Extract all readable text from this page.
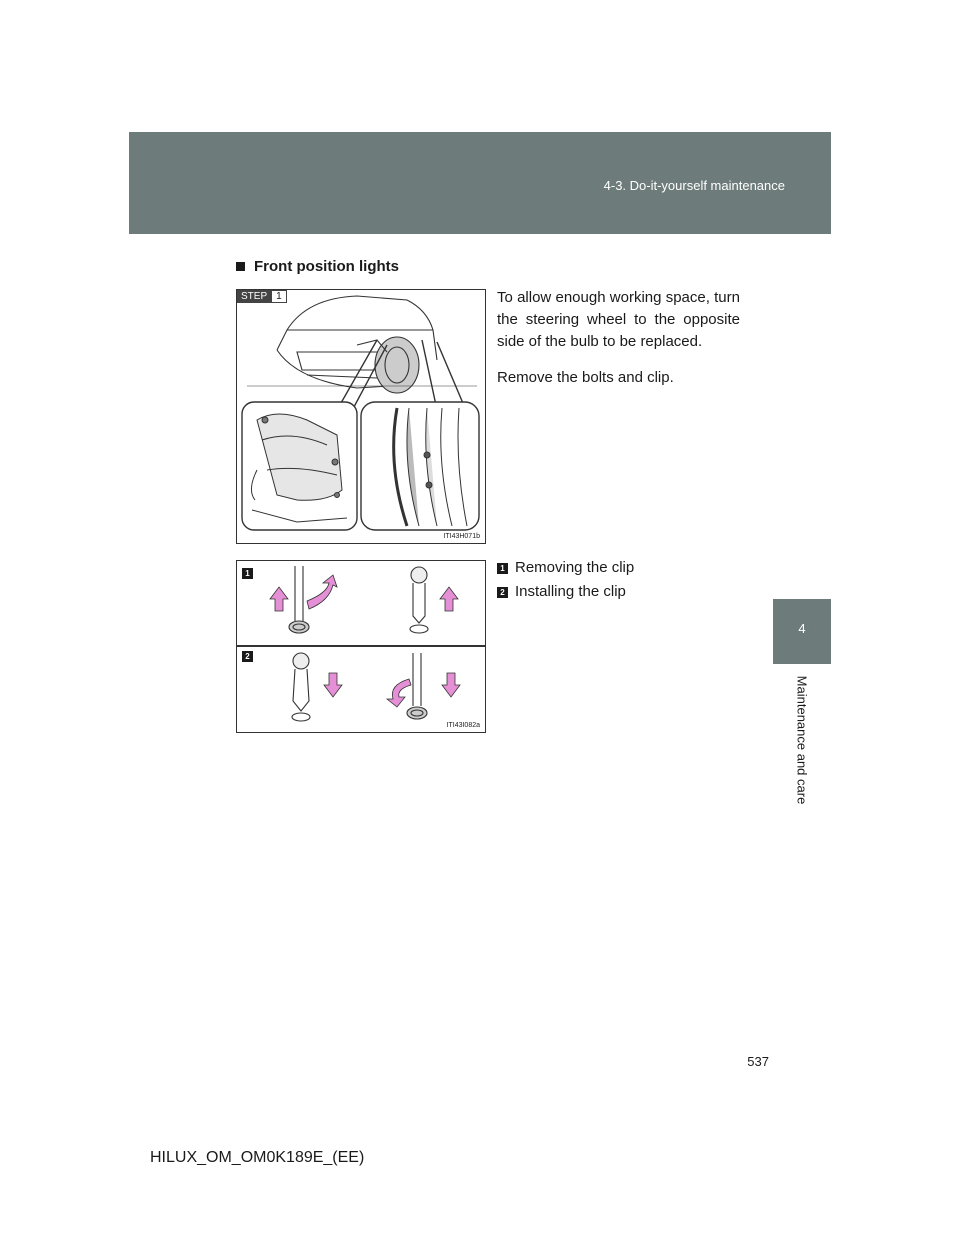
4-3. Do-it-yourself maintenance
4
Maintenance and care
Front position lights
STEP 1
ITI43H071b
1
2
ITI43I082a

To allow enough working space, turn the steering wheel to the opposite side of the bulb to be replaced.

Remove the bolts and clip.

1 Removing the clip
2 Installing the clip
537
HILUX_OM_OM0K189E_(EE)
